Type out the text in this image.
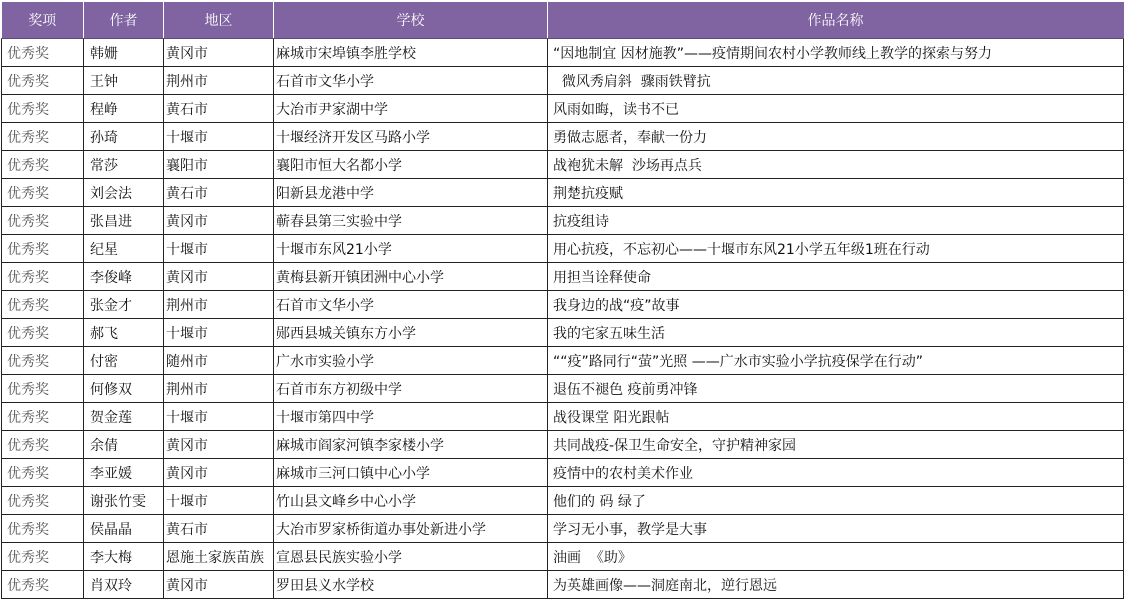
奖项	作者	地区	学校	作品名称
优秀奖	韩姗	黄冈市	麻城市宋埠镇李胜学校	“因地制宜 因材施教”——疫情期间农村小学教师线上教学的探索与努力
优秀奖	王钟	荆州市	石首市文华小学	微风秀肩斜  骤雨铁臂抗
优秀奖	程峥	黄石市	大冶市尹家湖中学	风雨如晦，读书不已
优秀奖	孙琦	十堰市	十堰经济开发区马路小学	勇做志愿者，奉献一份力
优秀奖	常莎	襄阳市	襄阳市恒大名都小学	战袍犹未解  沙场再点兵
优秀奖	刘会法	黄石市	阳新县龙港中学	荆楚抗疫赋
优秀奖	张昌进	黄冈市	蕲春县第三实验中学	抗疫组诗
优秀奖	纪星	十堰市	十堰市东风21小学	用心抗疫，不忘初心——十堰市东风21小学五年级1班在行动
优秀奖	李俊峰	黄冈市	黄梅县新开镇团洲中心小学	用担当诠释使命
优秀奖	张金才	荆州市	石首市文华小学	我身边的战“疫”故事
优秀奖	郝飞	十堰市	郧西县城关镇东方小学	我的宅家五味生活
优秀奖	付密	随州市	广水市实验小学	““疫”路同行“萤”光照 ——广水市实验小学抗疫保学在行动”
优秀奖	何修双	荆州市	石首市东方初级中学	退伍不褪色 疫前勇冲锋
优秀奖	贺金莲	十堰市	十堰市第四中学	战役课堂 阳光跟帖
优秀奖	余倩	黄冈市	麻城市阎家河镇李家楼小学	共同战疫-保卫生命安全，守护精神家园
优秀奖	李亚媛	黄冈市	麻城市三河口镇中心小学	疫情中的农村美术作业
优秀奖	谢张竹雯	十堰市	竹山县文峰乡中心小学	他们的 码 绿了
优秀奖	侯晶晶	黄石市	大冶市罗家桥街道办事处新进小学	学习无小事，教学是大事
优秀奖	李大梅	恩施土家族苗族	宣恩县民族实验小学	油画  《助》
优秀奖	肖双玲	黄冈市	罗田县义水学校	为英雄画像——洞庭南北，逆行恩远
